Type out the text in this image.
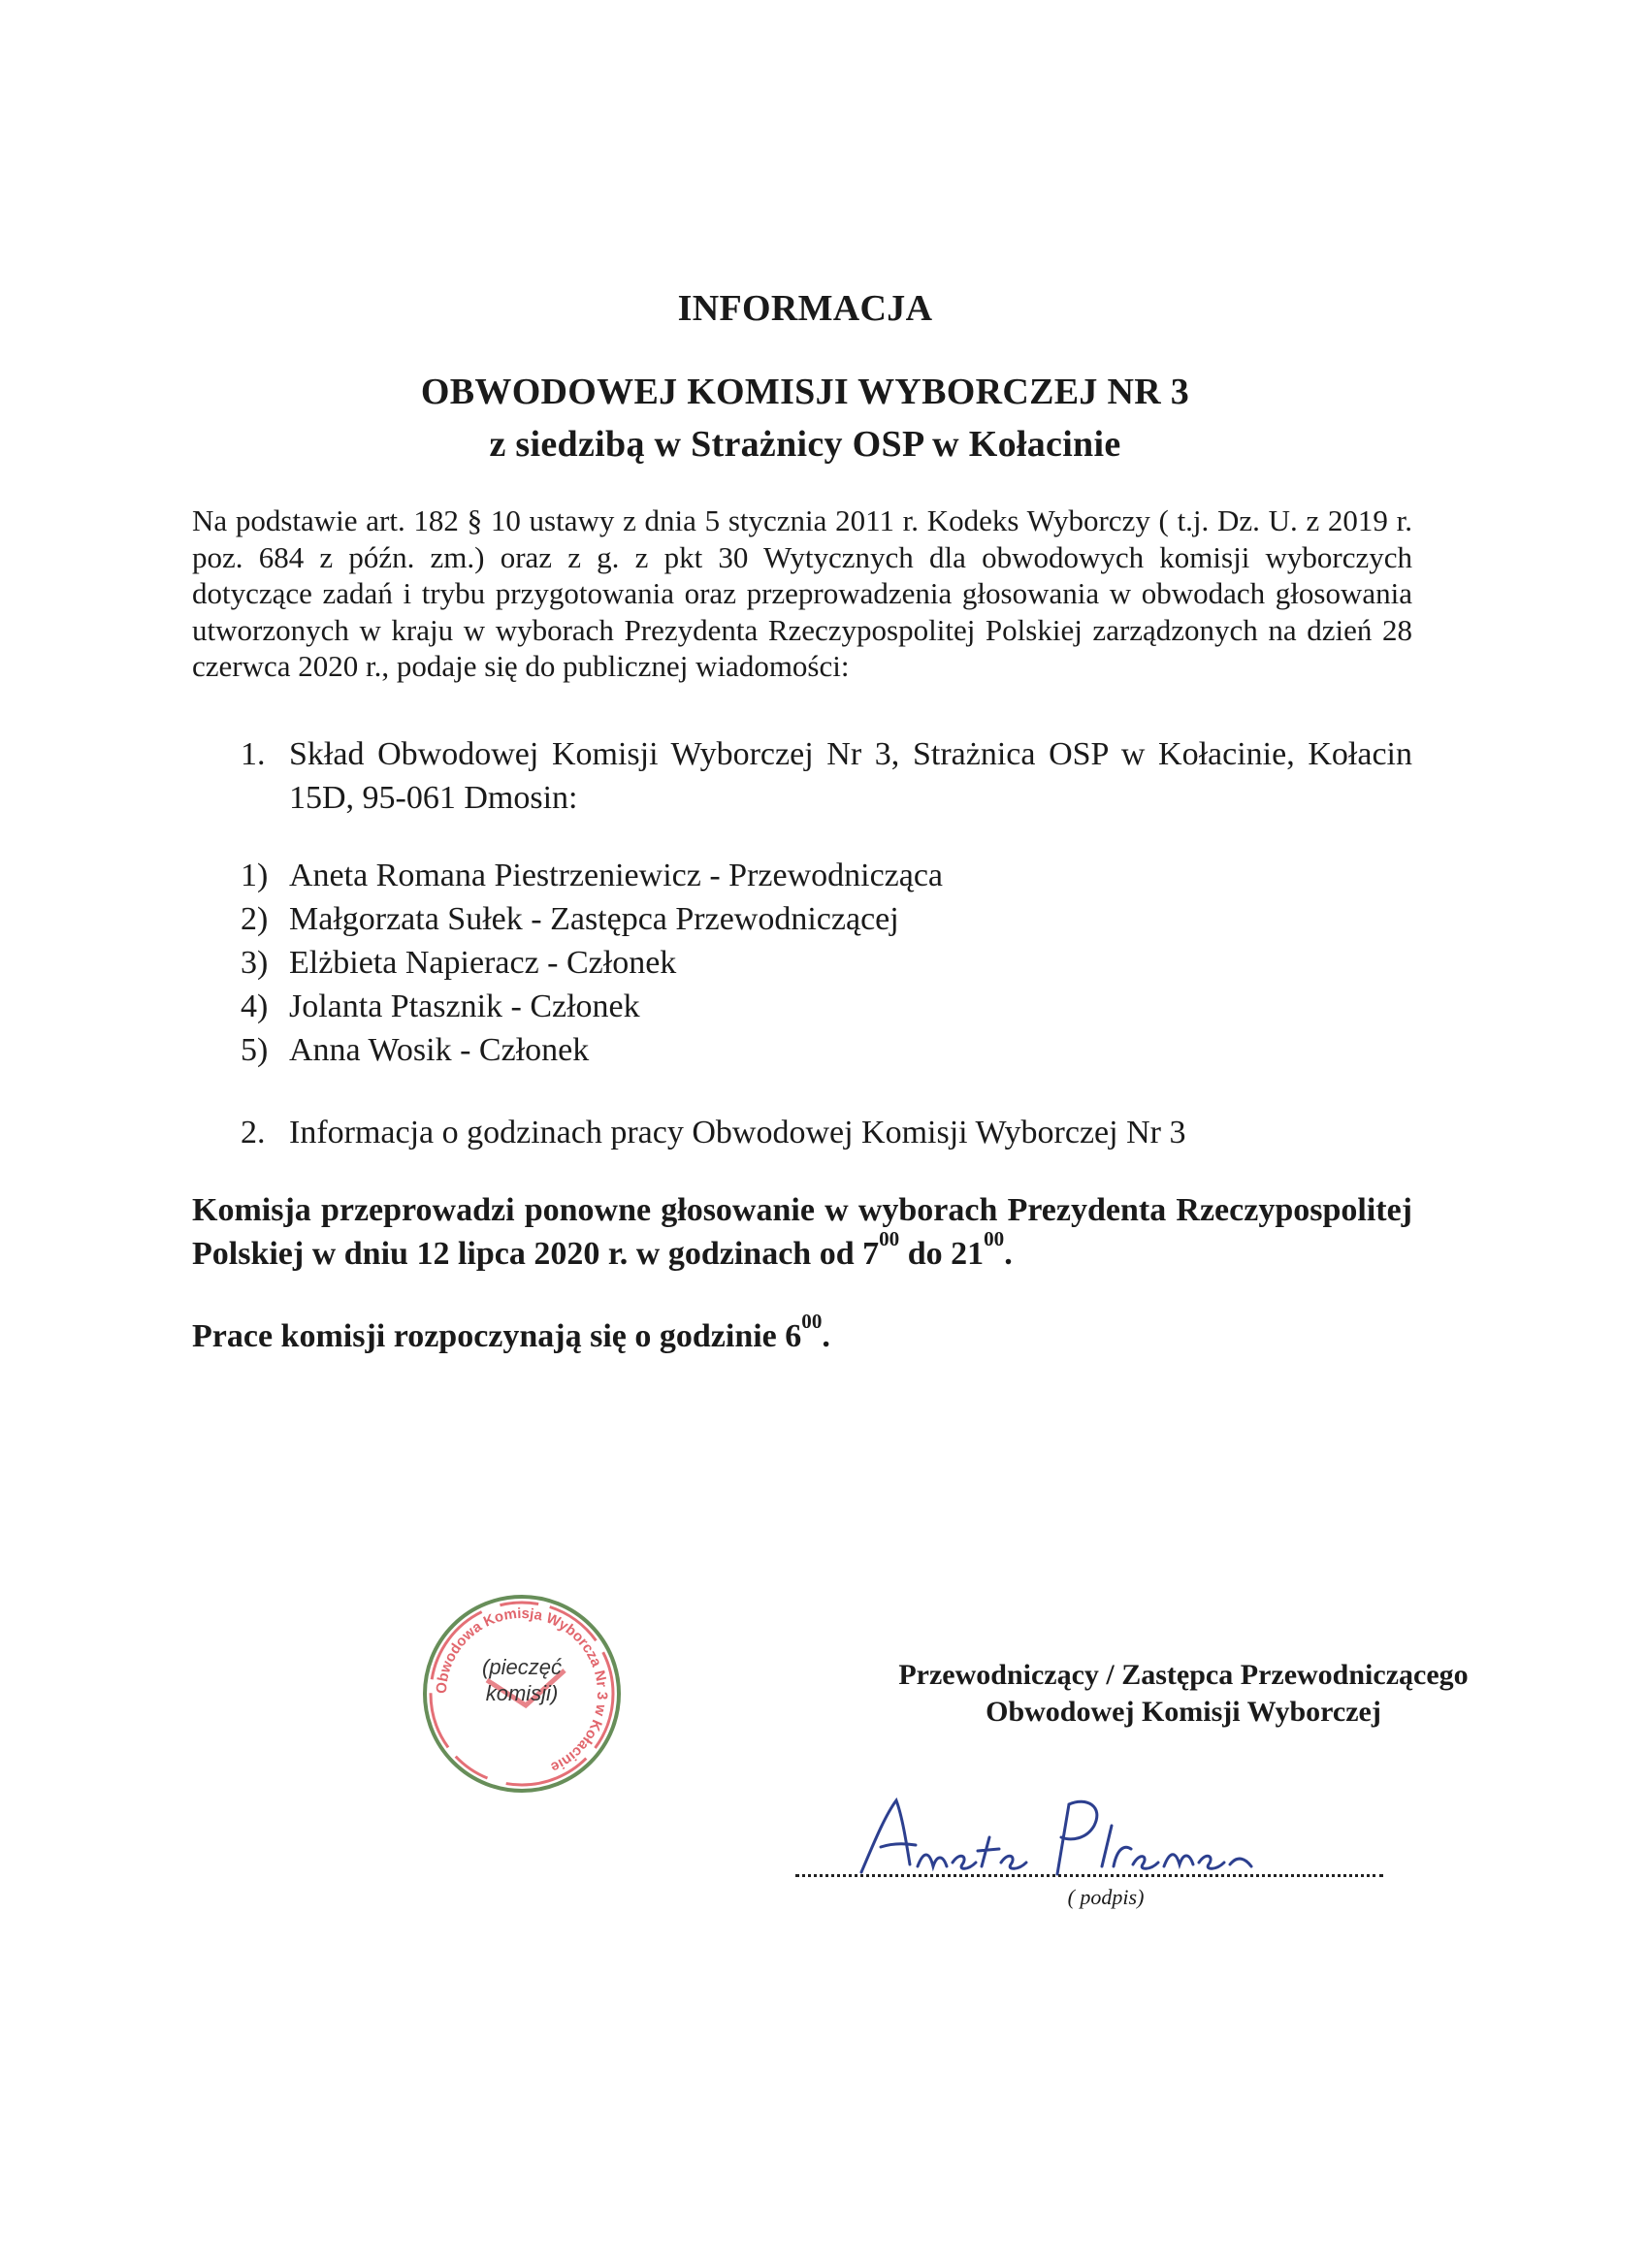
INFORMACJA
OBWODOWEJ KOMISJI WYBORCZEJ NR 3
z siedzibą w Strażnicy OSP w Kołacinie

Na podstawie art. 182 § 10 ustawy z dnia 5 stycznia 2011 r. Kodeks Wyborczy ( t.j. Dz. U. z 2019 r. poz. 684 z późn. zm.) oraz z g. z pkt 30 Wytycznych dla obwodowych komisji wyborczych dotyczące zadań i trybu przygotowania oraz przeprowadzenia głosowania w obwodach głosowania utworzonych w kraju w wyborach Prezydenta Rzeczypospolitej Polskiej zarządzonych na dzień 28 czerwca 2020 r., podaje się do publicznej wiadomości:

1. Skład Obwodowej Komisji Wyborczej Nr 3, Strażnica OSP w Kołacinie, Kołacin 15D, 95-061 Dmosin:

1) Aneta Romana Piestrzeniewicz - Przewodnicząca
2) Małgorzata Sułek - Zastępca Przewodniczącej
3) Elżbieta Napieracz - Członek
4) Jolanta Ptasznik - Członek
5) Anna Wosik - Członek
2. Informacja o godzinach pracy Obwodowej Komisji Wyborczej Nr 3

Komisja przeprowadzi ponowne głosowanie w wyborach Prezydenta Rzeczypospolitej Polskiej w dniu 12 lipca 2020 r. w godzinach od $7^{00}$ do $21^{00}$.

Prace komisji rozpoczynają się o godzinie $6^{00}$.

Obwodowa Komisja Wyborcza Nr 3 w Kołacinie
(pieczęć
komisji)
Przewodniczący / Zastępca Przewodniczącego
Obwodowej Komisji Wyborczej
( podpis)
